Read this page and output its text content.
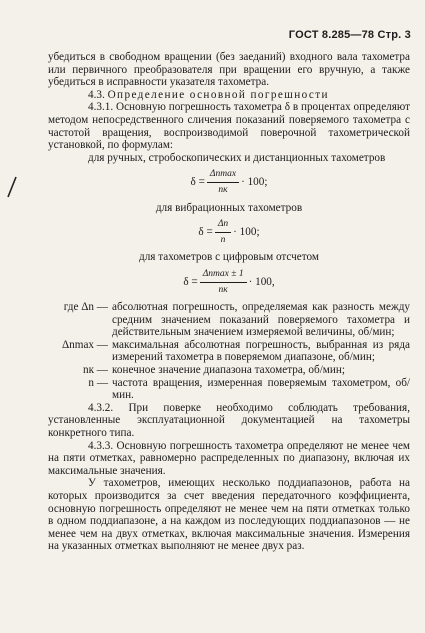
ГОСТ 8.285—78 Стр. 3

убедиться в свободном вращении (без заеданий) входного вала тахометра или первичного преобразователя при вращении его вручную, а также убедиться в исправности указателя тахометра.

4.3. Определение основной погрешности

4.3.1. Основную погрешность тахометра δ в процентах определяют методом непосредственного сличения показаний поверяемого тахометра с частотой вращения, воспроизводимой поверочной тахометрической установкой, по формулам:

для ручных, стробоскопических и дистанционных тахометров

$\delta = \frac{\Delta nmax}{nк} \cdot 100$;

для вибрационных тахометров

$\delta = \frac{\Delta n}{n} \cdot 100$;

для тахометров с цифровым отсчетом

$\delta = \frac{\Delta nmax \pm 1}{nк} \cdot 100$,
где Δn — абсолютная погрешность, определяемая как разность между средним значением показаний поверяемого тахометра и действительным значением измеряемой величины, об/мин;
Δnmax — максимальная абсолютная погрешность, выбранная из ряда измерений тахометра в поверяемом диапазоне, об/мин;
nк — конечное значение диапазона тахометра, об/мин;
n — частота вращения, измеренная поверяемым тахометром, об/мин.

4.3.2. При поверке необходимо соблюдать требования, установленные эксплуатационной документацией на тахометры конкретного типа.

4.3.3. Основную погрешность тахометра определяют не менее чем на пяти отметках, равномерно распределенных по диапазону, включая их максимальные значения.

У тахометров, имеющих несколько поддиапазонов, работа на которых производится за счет введения передаточного коэффициента, основную погрешность определяют не менее чем на пяти отметках только в одном поддиапазоне, а на каждом из последующих поддиапазонов — не менее чем на двух отметках, включая максимальные значения. Измерения на указанных отметках выполняют не менее двух раз.
